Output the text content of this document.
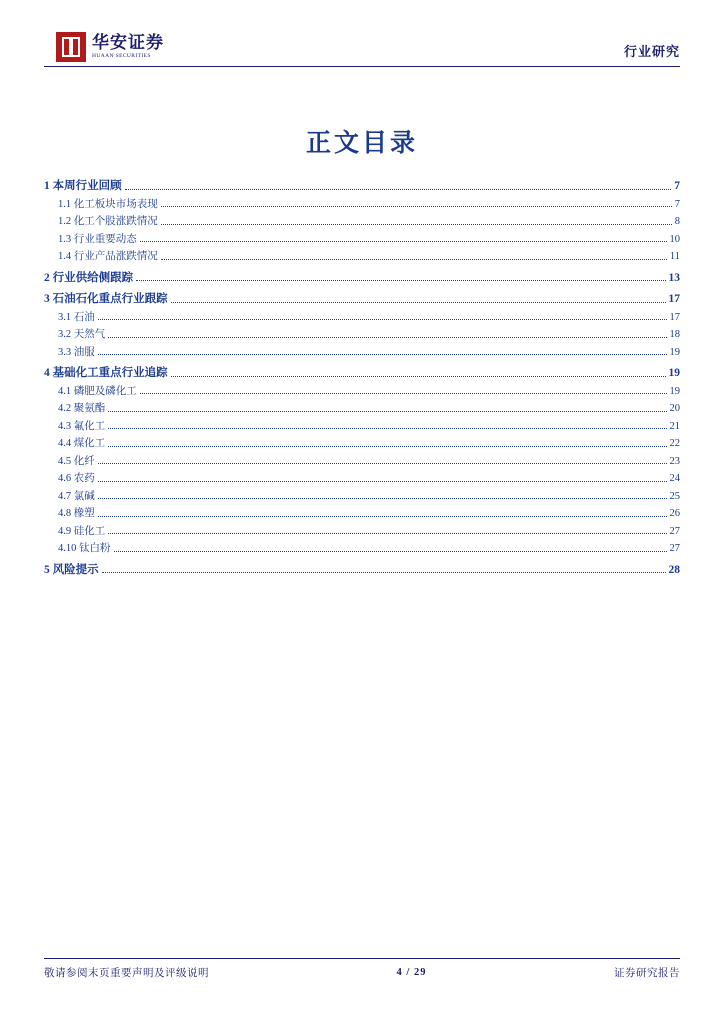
华安证券
HUAAN SECURITIES	行业研究
正文目录
1 本周行业回顾	7
1.1 化工板块市场表现	7
1.2 化工个股涨跌情况	8
1.3 行业重要动态	10
1.4 行业产品涨跌情况	11
2 行业供给侧跟踪	13
3 石油石化重点行业跟踪	17
3.1 石油	17
3.2 天然气	18
3.3 油服	19
4 基础化工重点行业追踪	19
4.1 磷肥及磷化工	19
4.2 聚氨酯	20
4.3 氟化工	21
4.4 煤化工	22
4.5 化纤	23
4.6 农药	24
4.7 氯碱	25
4.8 橡塑	26
4.9 硅化工	27
4.10 钛白粉	27
5 风险提示	28
敬请参阅末页重要声明及评级说明	4 / 29	证券研究报告
